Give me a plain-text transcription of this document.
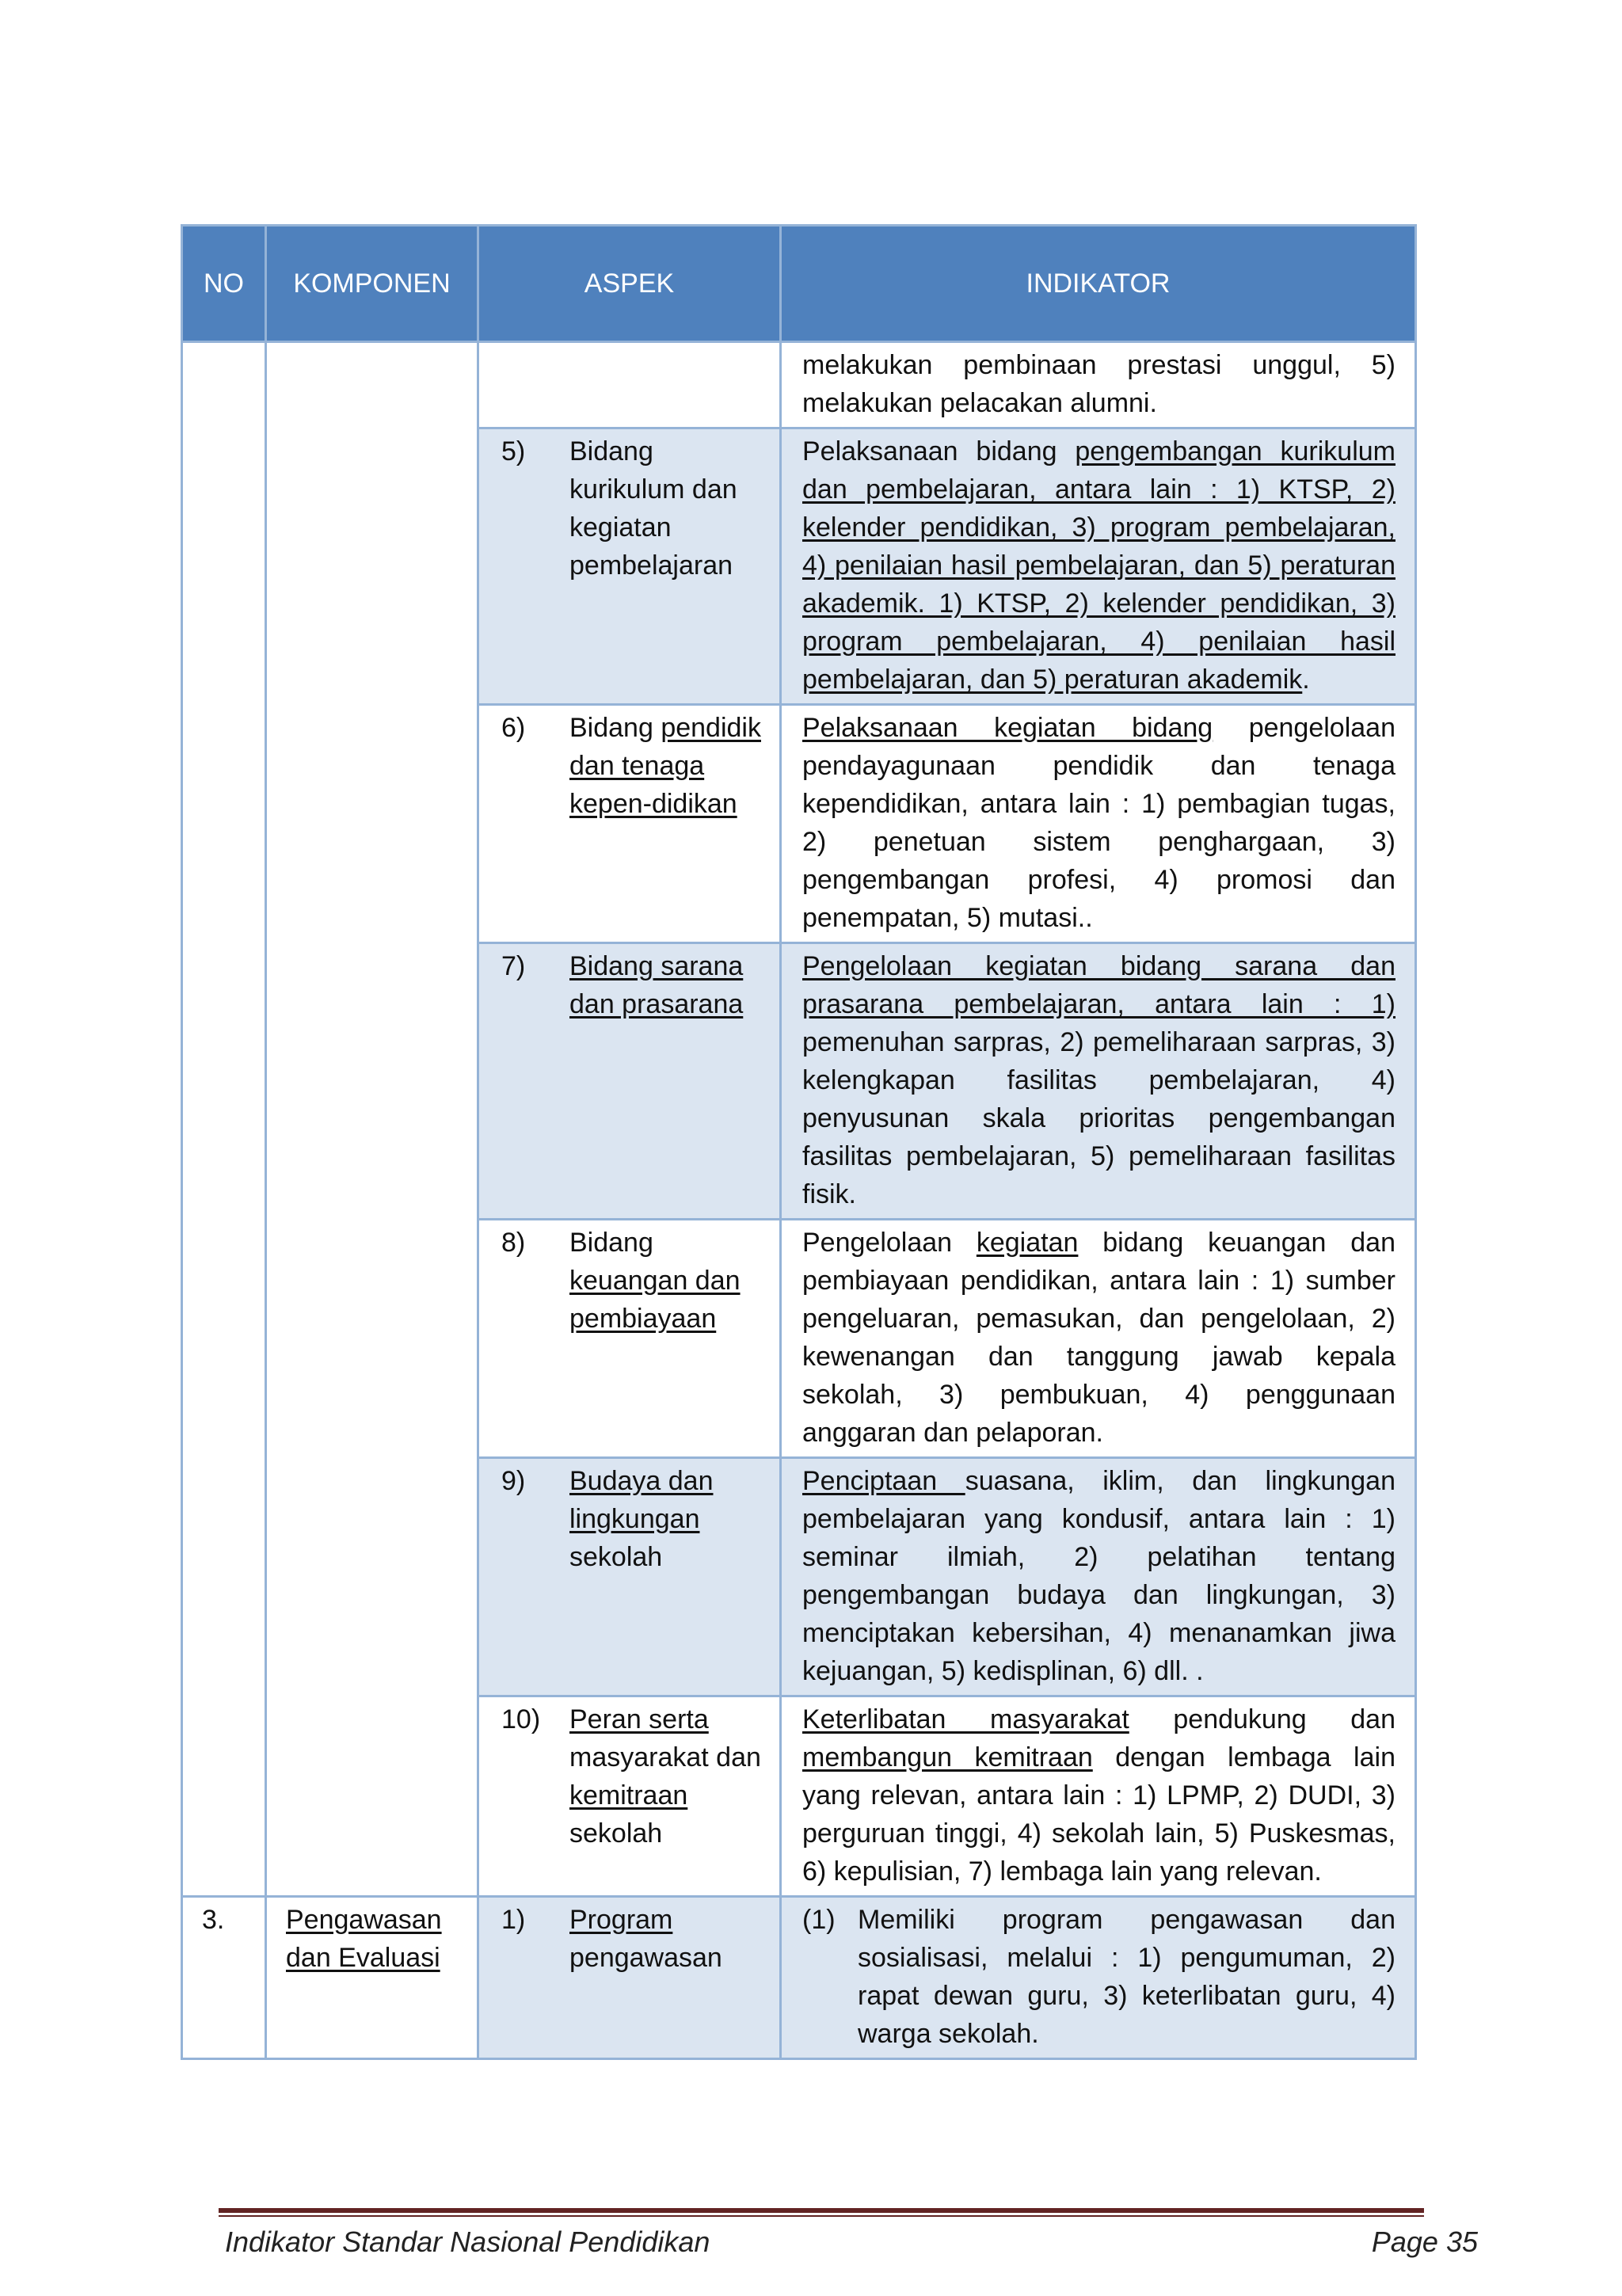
NO	KOMPONEN	ASPEK	INDIKATOR

			melakukan pembinaan prestasi unggul, 5) melakukan pelacakan alumni.

		5) Bidang kurikulum dan kegiatan pembelajaran	Pelaksanaan bidang pengembangan kurikulum dan pembelajaran, antara lain : 1) KTSP, 2) kelender pendidikan, 3) program pembelajaran, 4) penilaian hasil pembelajaran, dan 5) peraturan akademik. 1) KTSP, 2) kelender pendidikan, 3) program pembelajaran, 4) penilaian hasil pembelajaran, dan 5) peraturan akademik.

		6) Bidang pendidik dan tenaga kepen-didikan	Pelaksanaan kegiatan bidang pengelolaan pendayagunaan pendidik dan tenaga kependidikan, antara lain : 1) pembagian tugas, 2) penetuan sistem penghargaan, 3) pengembangan profesi, 4) promosi dan penempatan, 5) mutasi..

		7) Bidang sarana dan prasarana	Pengelolaan kegiatan bidang sarana dan prasarana pembelajaran, antara lain : 1) pemenuhan sarpras, 2) pemeliharaan sarpras, 3) kelengkapan fasilitas pembelajaran, 4) penyusunan skala prioritas pengembangan fasilitas pembelajaran, 5) pemeliharaan fasilitas fisik.

		8) Bidang keuangan dan pembiayaan	Pengelolaan kegiatan bidang keuangan dan pembiayaan pendidikan, antara lain : 1) sumber pengeluaran, pemasukan, dan pengelolaan, 2) kewenangan dan tanggung jawab kepala sekolah, 3) pembukuan, 4) penggunaan anggaran dan pelaporan.

		9) Budaya dan lingkungan sekolah	Penciptaan suasana, iklim, dan lingkungan pembelajaran yang kondusif, antara lain : 1) seminar ilmiah, 2) pelatihan tentang pengembangan budaya dan lingkungan, 3) menciptakan kebersihan, 4) menanamkan jiwa kejuangan, 5) kedisplinan, 6) dll. .

		10) Peran serta masyarakat dan kemitraan sekolah	Keterlibatan masyarakat pendukung dan membangun kemitraan dengan lembaga lain yang relevan, antara lain : 1) LPMP, 2) DUDI, 3) perguruan tinggi, 4) sekolah lain, 5) Puskesmas, 6) kepulisian, 7) lembaga lain yang relevan.

3.	Pengawasan dan Evaluasi	1) Program pengawasan	(1) Memiliki program pengawasan dan sosialisasi, melalui : 1) pengumuman, 2) rapat dewan guru, 3) keterlibatan guru, 4) warga sekolah.
Indikator Standar Nasional Pendidikan	Page 35
